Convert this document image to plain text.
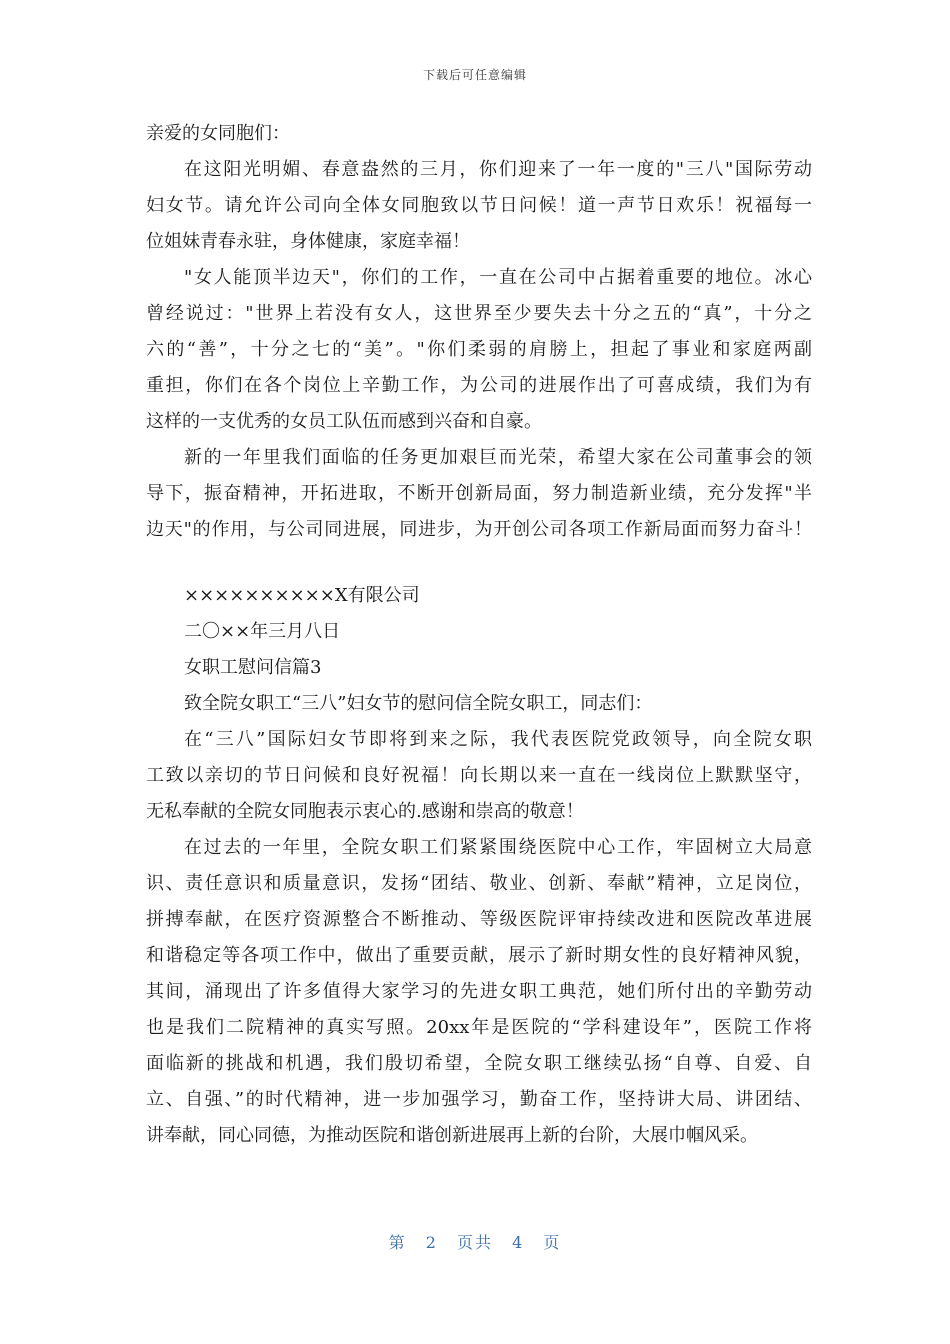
下载后可任意编辑
亲爱的女同胞们：
在这阳光明媚、春意盎然的三月，你们迎来了一年一度的"三八"国际劳动
妇女节。请允许公司向全体女同胞致以节日问候！道一声节日欢乐！祝福每一
位姐妹青春永驻，身体健康，家庭幸福！
"女人能顶半边天"，你们的工作，一直在公司中占据着重要的地位。冰心
曾经说过："世界上若没有女人，这世界至少要失去十分之五的“真”，十分之
六的“善”，十分之七的“美”。"你们柔弱的肩膀上，担起了事业和家庭两副
重担，你们在各个岗位上辛勤工作，为公司的进展作出了可喜成绩，我们为有
这样的一支优秀的女员工队伍而感到兴奋和自豪。
新的一年里我们面临的任务更加艰巨而光荣，希望大家在公司董事会的领
导下，振奋精神，开拓进取，不断开创新局面，努力制造新业绩，充分发挥"半
边天"的作用，与公司同进展，同进步，为开创公司各项工作新局面而努力奋斗！
××××××××××X有限公司
二〇××年三月八日
女职工慰问信篇3
致全院女职工“三八”妇女节的慰问信全院女职工，同志们：
在“三八”国际妇女节即将到来之际，我代表医院党政领导，向全院女职
工致以亲切的节日问候和良好祝福！向长期以来一直在一线岗位上默默坚守，
无私奉献的全院女同胞表示衷心的.感谢和崇高的敬意！
在过去的一年里，全院女职工们紧紧围绕医院中心工作，牢固树立大局意
识、责任意识和质量意识，发扬“团结、敬业、创新、奉献”精神，立足岗位，
拼搏奉献，在医疗资源整合不断推动、等级医院评审持续改进和医院改革进展
和谐稳定等各项工作中，做出了重要贡献，展示了新时期女性的良好精神风貌，
其间，涌现出了许多值得大家学习的先进女职工典范，她们所付出的辛勤劳动
也是我们二院精神的真实写照。20xx年是医院的“学科建设年”，医院工作将
面临新的挑战和机遇，我们殷切希望，全院女职工继续弘扬“自尊、自爱、自
立、自强、”的时代精神，进一步加强学习，勤奋工作，坚持讲大局、讲团结、
讲奉献，同心同德，为推动医院和谐创新进展再上新的台阶，大展巾帼风采。
第 2 页共 4 页
